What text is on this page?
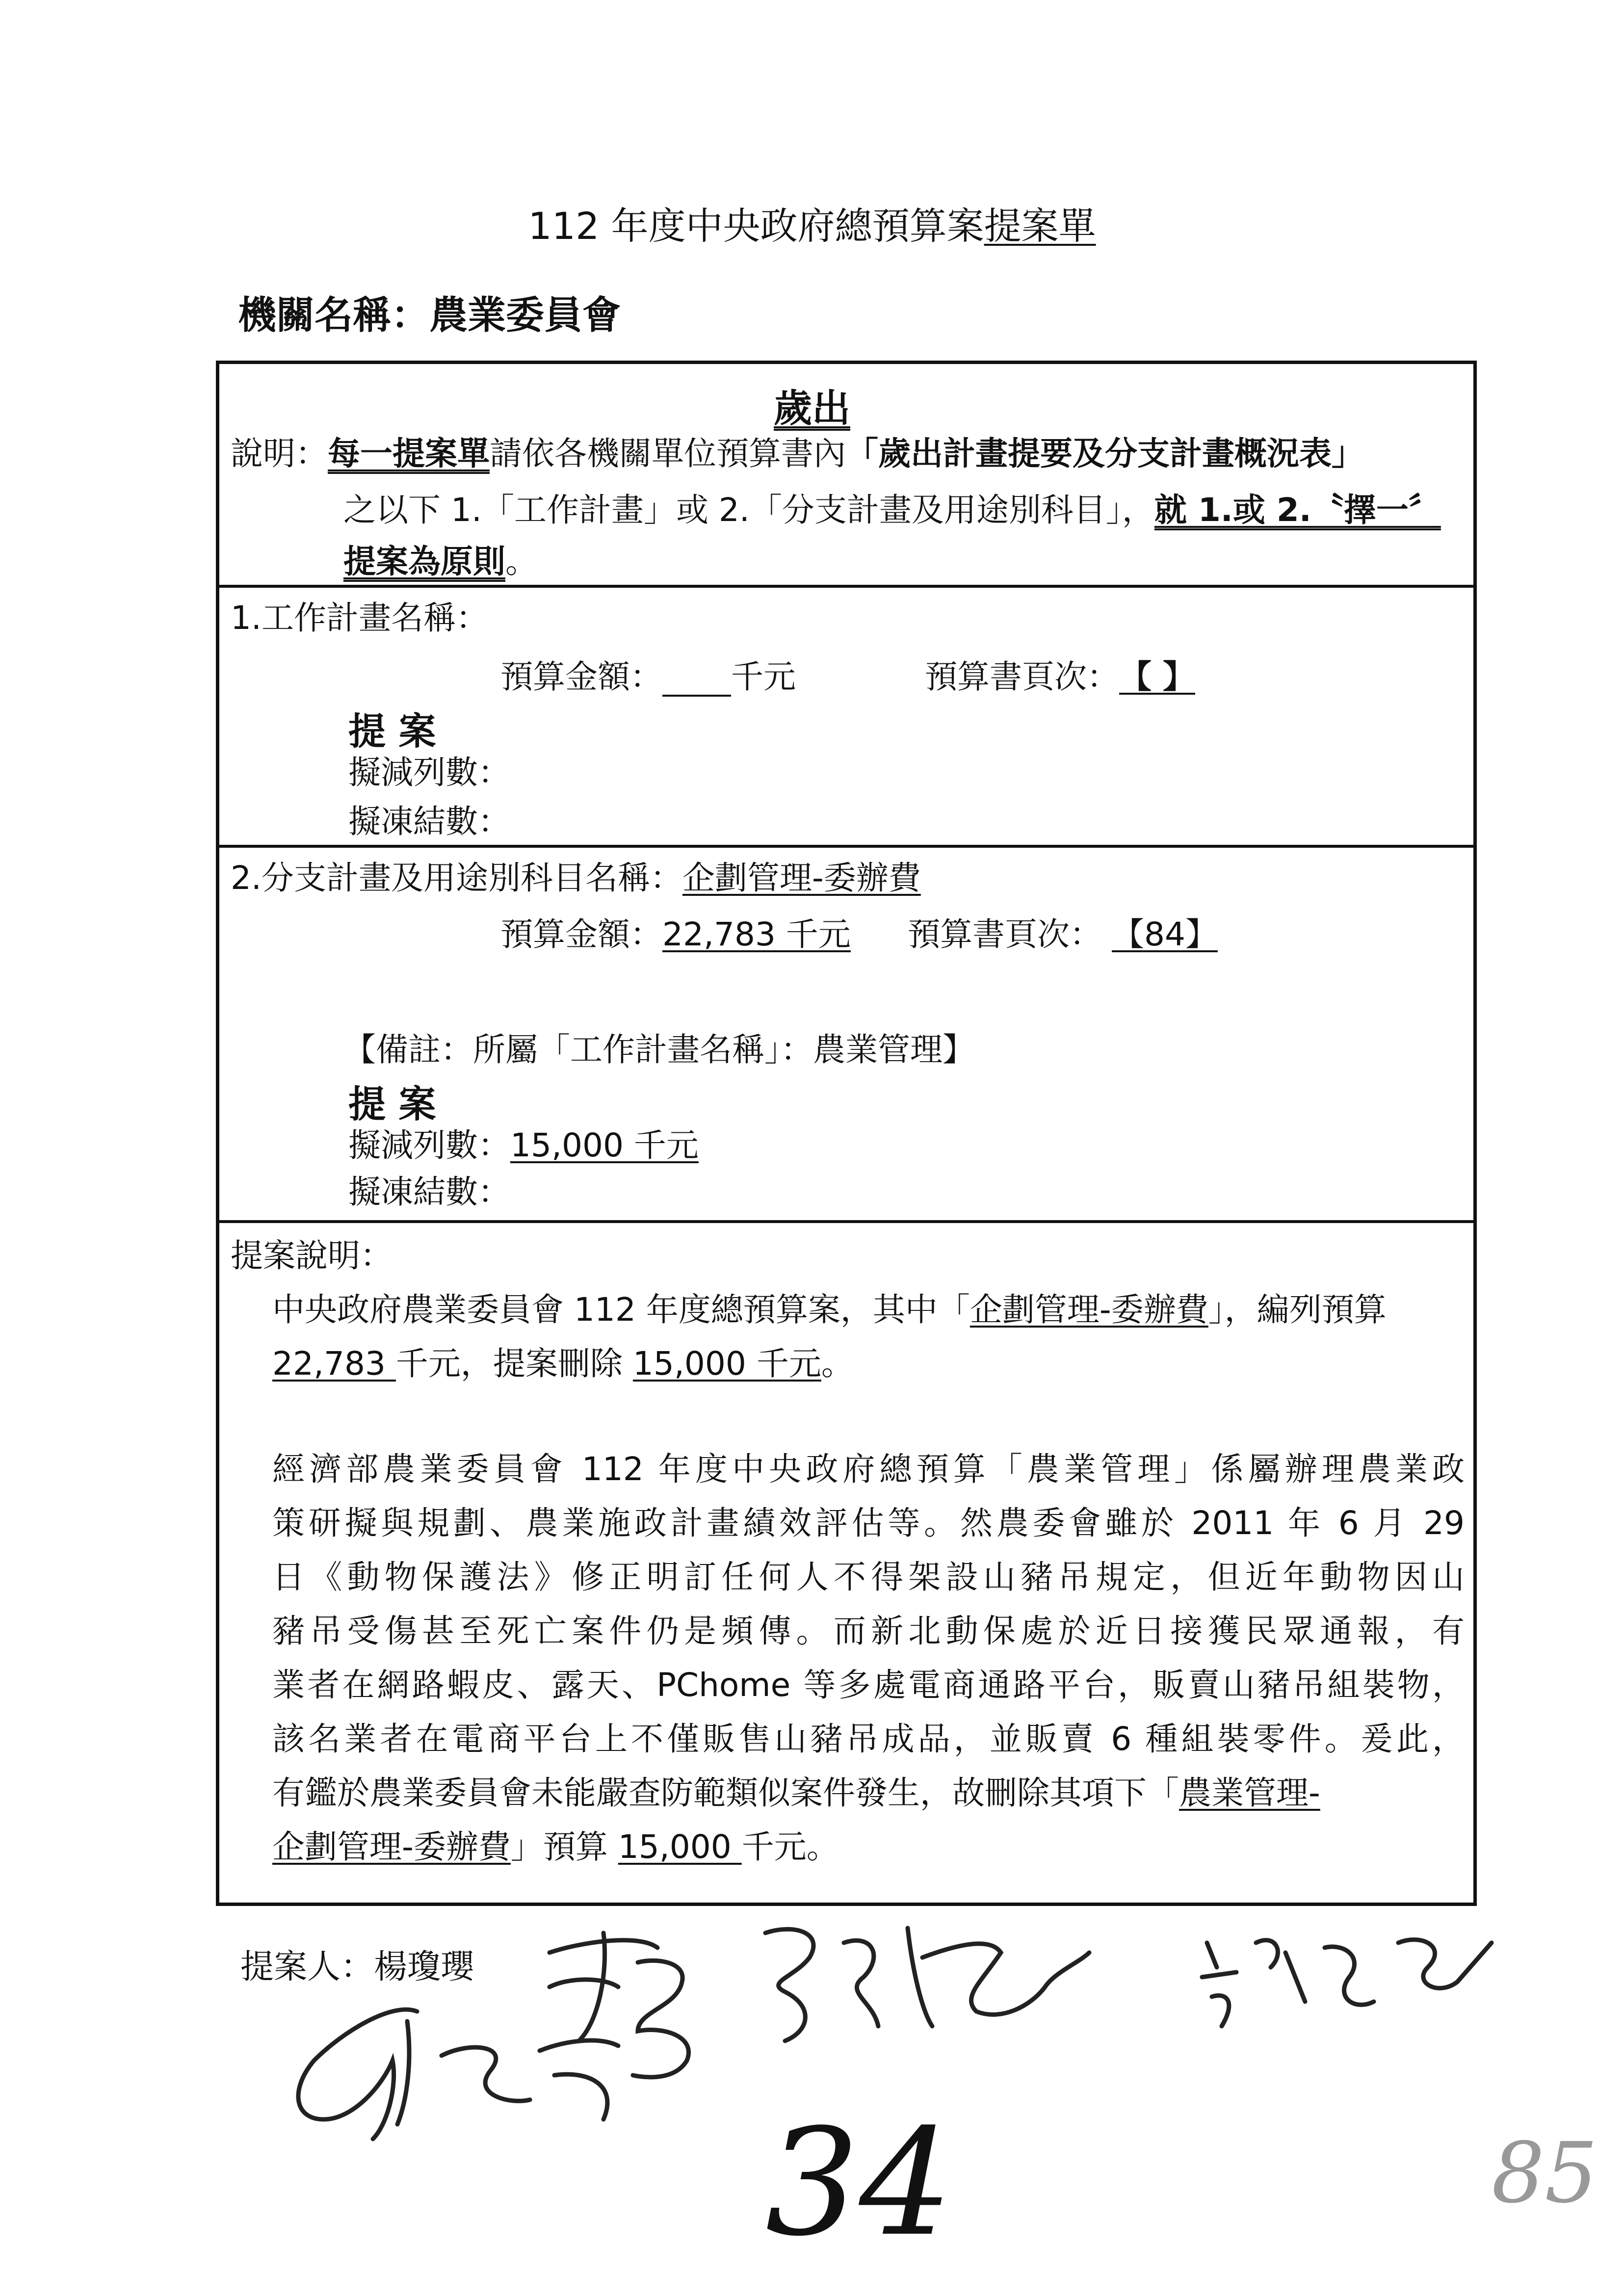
112 年度中央政府總預算案提案單
機關名稱：農業委員會
歲出
說明：每一提案單請依各機關單位預算書內「歲出計畫提要及分支計畫概況表」
之以下 1.「工作計畫」或 2.「分支計畫及用途別科目」，就 1.或 2.〝擇一〞
提案為原則。
1.工作計畫名稱：
預算金額： 千元	預算書頁次：【 】
提 案
擬減列數：
擬凍結數：
2.分支計畫及用途別科目名稱：企劃管理-委辦費
預算金額：22,783 千元 預算書頁次： 【84】
【備註：所屬「工作計畫名稱」：農業管理】
提 案
擬減列數：15,000 千元
擬凍結數：
提案說明：
中央政府農業委員會 112 年度總預算案，其中「企劃管理-委辦費」，編列預算
22,783 千元，提案刪除 15,000 千元。
經濟部農業委員會 112 年度中央政府總預算「農業管理」係屬辦理農業政
策研擬與規劃、農業施政計畫績效評估等。然農委會雖於 2011 年 6 月 29
日《動物保護法》修正明訂任何人不得架設山豬吊規定，但近年動物因山
豬吊受傷甚至死亡案件仍是頻傳。而新北動保處於近日接獲民眾通報，有
業者在網路蝦皮、露天、PChome 等多處電商通路平台，販賣山豬吊組裝物，
該名業者在電商平台上不僅販售山豬吊成品，並販賣 6 種組裝零件。爰此，
有鑑於農業委員會未能嚴查防範類似案件發生，故刪除其項下「農業管理-
企劃管理-委辦費」預算 15,000 千元。
提案人：楊瓊瓔
34	85
